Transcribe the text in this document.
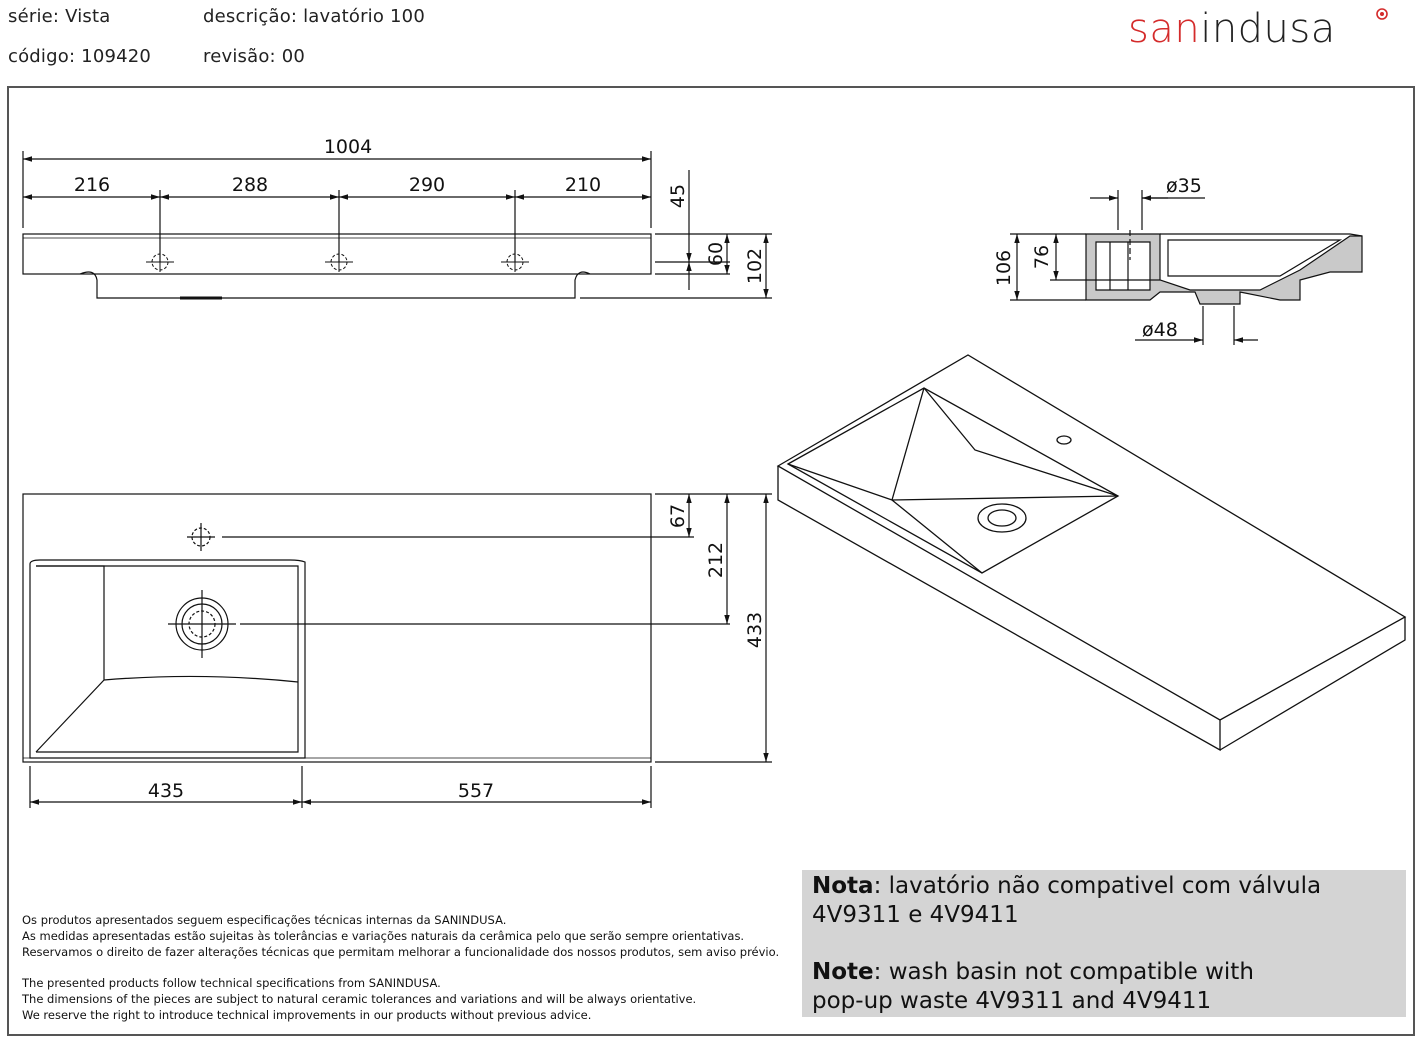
série: Vista	descrição: lavatório 100
código: 109420	revisão: 00
sanindusa
1004
216	288	290	210	45
60 102
ø35
ø48
106 76
67
212
433
435	557
Os produtos apresentados seguem especificações técnicas internas da SANINDUSA.
As medidas apresentadas estão sujeitas às tolerâncias e variações naturais da cerâmica pelo que serão sempre orientativas.
Reservamos o direito de fazer alterações técnicas que permitam melhorar a funcionalidade dos nossos produtos, sem aviso prévio.
The presented products follow technical specifications from SANINDUSA.
The dimensions of the pieces are subject to natural ceramic tolerances and variations and will be always orientative.
We reserve the right to introduce technical improvements in our products without previous advice.
Nota: lavatório não compativel com válvula
4V9311 e 4V9411
Note: wash basin not compatible with
pop-up waste 4V9311 and 4V9411
